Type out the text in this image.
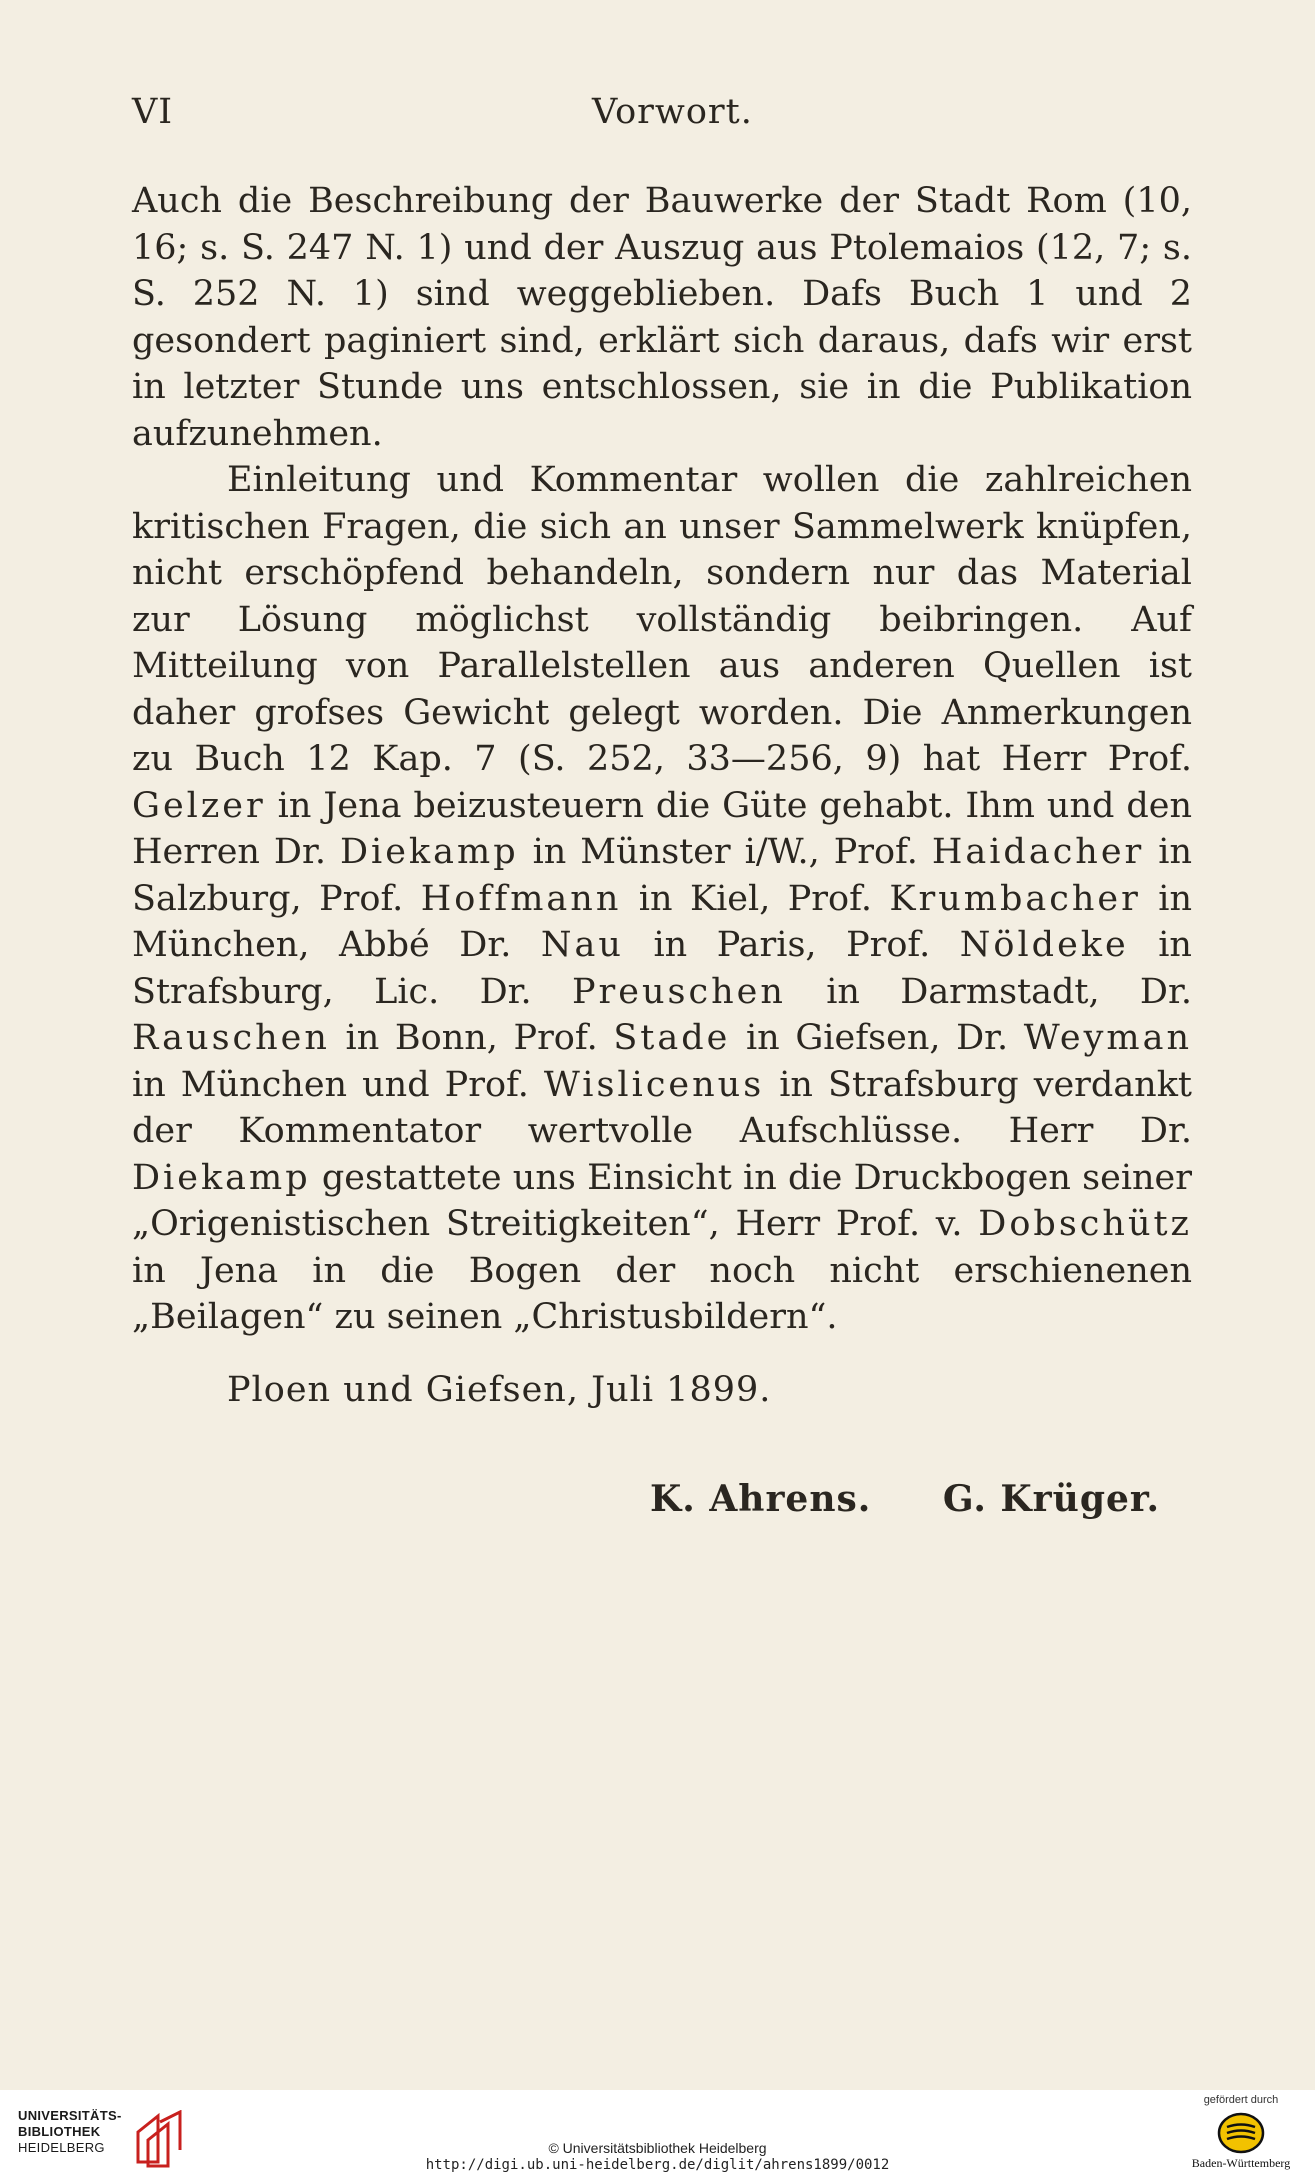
VI	Vorwort.

Auch die Beschreibung der Bauwerke der Stadt Rom (10, 16; s. S. 247 N. 1) und der Auszug aus Ptolemaios (12, 7; s. S. 252 N. 1) sind weggeblieben. Dafs Buch 1 und 2 gesondert paginiert sind, erklärt sich daraus, dafs wir erst in letzter Stunde uns entschlossen, sie in die Publikation aufzunehmen.

Einleitung und Kommentar wollen die zahlreichen kritischen Fragen, die sich an unser Sammelwerk knüpfen, nicht erschöpfend behandeln, sondern nur das Material zur Lösung möglichst vollständig beibringen. Auf Mitteilung von Parallelstellen aus anderen Quellen ist daher grofses Gewicht gelegt worden. Die Anmerkungen zu Buch 12 Kap. 7 (S. 252, 33—256, 9) hat Herr Prof. Gelzer in Jena beizusteuern die Güte gehabt. Ihm und den Herren Dr. Diekamp in Münster i/W., Prof. Haidacher in Salzburg, Prof. Hoffmann in Kiel, Prof. Krumbacher in München, Abbé Dr. Nau in Paris, Prof. Nöldeke in Strafsburg, Lic. Dr. Preuschen in Darmstadt, Dr. Rauschen in Bonn, Prof. Stade in Giefsen, Dr. Weyman in München und Prof. Wislicenus in Strafsburg verdankt der Kommentator wertvolle Aufschlüsse. Herr Dr. Diekamp gestattete uns Einsicht in die Druckbogen seiner „Origenistischen Streitigkeiten“, Herr Prof. v. Dobschütz in Jena in die Bogen der noch nicht erschienenen „Beilagen“ zu seinen „Christusbildern“.

Ploen und Giefsen, Juli 1899.
K. Ahrens. G. Krüger.
UNIVERSITÄTS-
BIBLIOTHEK
HEIDELBERG	© Universitätsbibliothek Heidelberg
http://digi.ub.uni-heidelberg.de/diglit/ahrens1899/0012
gefördert durch
Baden-Württemberg
